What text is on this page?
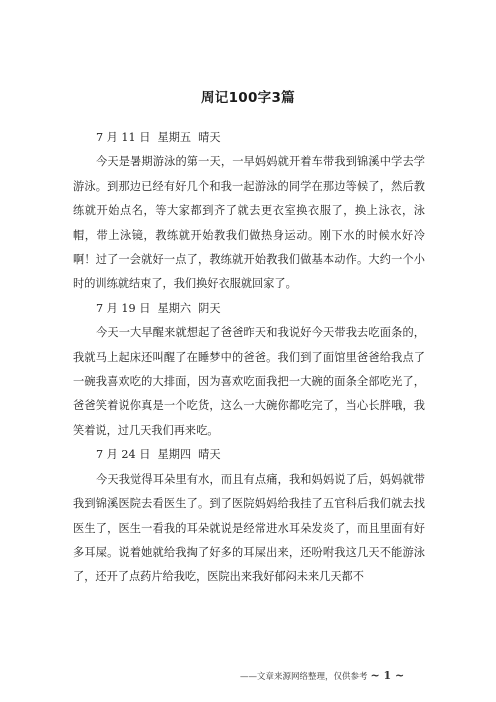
周记100字3篇
7 月 11 日  星期五  晴天
今天是暑期游泳的第一天，一早妈妈就开着车带我到锦溪中学去学游泳。到那边已经有好几个和我一起游泳的同学在那边等候了，然后教练就开始点名，等大家都到齐了就去更衣室换衣服了，换上泳衣，泳帽，带上泳镜，教练就开始教我们做热身运动。刚下水的时候水好冷啊！过了一会就好一点了，教练就开始教我们做基本动作。大约一个小时的训练就结束了，我们换好衣服就回家了。
7 月 19 日  星期六  阴天
今天一大早醒来就想起了爸爸昨天和我说好今天带我去吃面条的，我就马上起床还叫醒了在睡梦中的爸爸。我们到了面馆里爸爸给我点了一碗我喜欢吃的大排面，因为喜欢吃面我把一大碗的面条全部吃光了，爸爸笑着说你真是一个吃货，这么一大碗你都吃完了，当心长胖哦，我笑着说，过几天我们再来吃。
7 月 24 日  星期四  晴天
今天我觉得耳朵里有水，而且有点痛，我和妈妈说了后，妈妈就带我到锦溪医院去看医生了。到了医院妈妈给我挂了五官科后我们就去找医生了，医生一看我的耳朵就说是经常进水耳朵发炎了，而且里面有好多耳屎。说着她就给我掏了好多的耳屎出来，还吩咐我这几天不能游泳了，还开了点药片给我吃，医院出来我好郁闷未来几天都不
——文章来源网络整理，仅供参考 ~ 1 ~
